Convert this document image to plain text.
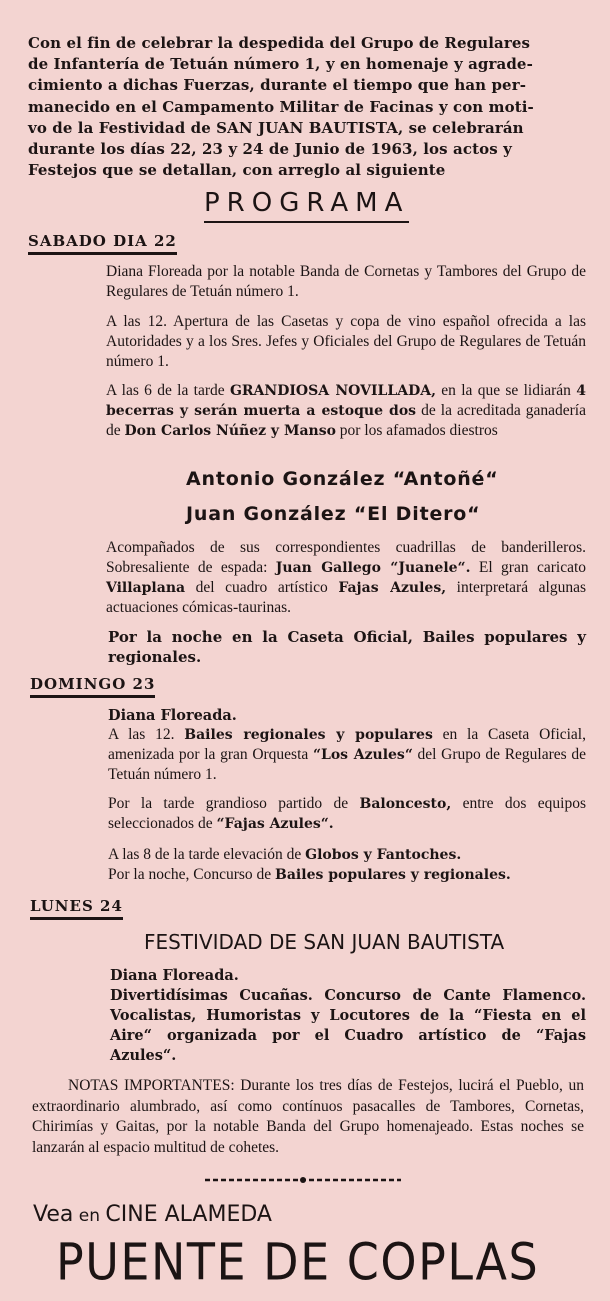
Con el fin de celebrar la despedida del Grupo de Regulares
de Infantería de Tetuán número 1, y en homenaje y agrade-
cimiento a dichas Fuerzas, durante el tiempo que han per-
manecido en el Campamento Militar de Facinas y con moti-
vo de la Festividad de SAN JUAN BAUTISTA, se celebrarán
durante los días 22, 23 y 24 de Junio de 1963, los actos y
Festejos que se detallan, con arreglo al siguiente
PROGRAMA
SABADO DIA 22
Diana Floreada por la notable Banda de Cornetas y Tambores del Grupo de Regulares de Tetuán número 1.
A las 12. Apertura de las Casetas y copa de vino español ofrecida a las Autoridades y a los Sres. Jefes y Oficiales del Grupo de Regulares de Tetuán número 1.
A las 6 de la tarde GRANDIOSA NOVILLADA, en la que se lidiarán 4 becerras y serán muerta a estoque dos de la acreditada ganadería de Don Carlos Núñez y Manso por los afamados diestros
Antonio González “Antoñé“
Juan González “El Ditero“
Acompañados de sus correspondientes cuadrillas de banderilleros. Sobresaliente de espada: Juan Gallego “Juanele“. El gran caricato Villaplana del cuadro artístico Fajas Azules, interpretará algunas actuaciones cómicas-taurinas.
Por la noche en la Caseta Oficial, Bailes populares y regionales.
DOMINGO 23
Diana Floreada.
A las 12. Bailes regionales y populares en la Caseta Oficial, amenizada por la gran Orquesta “Los Azules“ del Grupo de Regulares de Tetuán número 1.
Por la tarde grandioso partido de Baloncesto, entre dos equipos seleccionados de “Fajas Azules“.
A las 8 de la tarde elevación de Globos y Fantoches.
Por la noche, Concurso de Bailes populares y regionales.
LUNES 24
FESTIVIDAD DE SAN JUAN BAUTISTA
Diana Floreada.
Divertidísimas Cucañas. Concurso de Cante Flamenco. Vocalistas, Humoristas y Locutores de la “Fiesta en el Aire“ organizada por el Cuadro artístico de “Fajas Azules“.
NOTAS IMPORTANTES: Durante los tres días de Festejos, lucirá el Pueblo, un extraordinario alumbrado, así como contínuos pasacalles de Tambores, Cornetas, Chirimías y Gaitas, por la notable Banda del Grupo homenajeado. Estas noches se lanzarán al espacio multitud de cohetes.
Vea en CINE ALAMEDA
PUENTE DE COPLAS
